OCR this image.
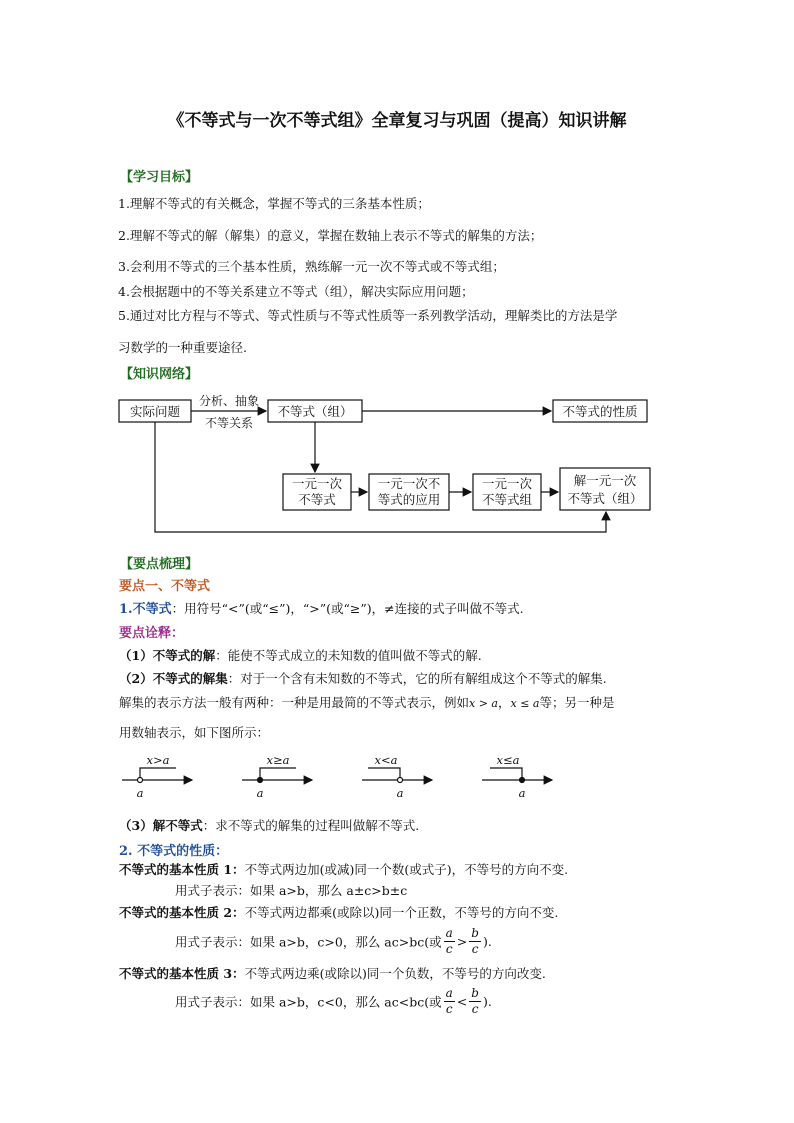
《不等式与一次不等式组》全章复习与巩固（提高）知识讲解
【学习目标】
1.理解不等式的有关概念，掌握不等式的三条基本性质；
2.理解不等式的解（解集）的意义，掌握在数轴上表示不等式的解集的方法；
3.会利用不等式的三个基本性质，熟练解一元一次不等式或不等式组；
4.会根据题中的不等关系建立不等式（组），解决实际应用问题；
5.通过对比方程与不等式、等式性质与不等式性质等一系列教学活动，理解类比的方法是学
习数学的一种重要途径.
【知识网络】
实际问题
分析、抽象
不等关系
不等式（组）	不等式的性质
一元一次
不等式
一元一次不
等式的应用
一元一次
不等式组
解一元一次
不等式（组）
【要点梳理】
要点一、不等式
1.不等式：用符号“<”(或“≤”)，“>”(或“≥”)，≠连接的式子叫做不等式.
要点诠释：
（1）不等式的解：能使不等式成立的未知数的值叫做不等式的解.
（2）不等式的解集：对于一个含有未知数的不等式，它的所有解组成这个不等式的解集.
解集的表示方法一般有两种：一种是用最简的不等式表示，例如x > a，x ≤ a等；另一种是
用数轴表示，如下图所示：
x>a
a
x≥a
a
x<a
a
x≤a
a
（3）解不等式：求不等式的解集的过程叫做解不等式.
2. 不等式的性质：
不等式的基本性质 1：不等式两边加(或减)同一个数(或式子)，不等号的方向不变.
用式子表示：如果 a>b，那么 a±c>b±c
不等式的基本性质 2：不等式两边都乘(或除以)同一个正数，不等号的方向不变.
用式子表示：如果 a>b，c>0，那么 ac>bc(或 $\frac{a}{c} > \frac{b}{c}$ ).
不等式的基本性质 3：不等式两边乘(或除以)同一个负数，不等号的方向改变.
用式子表示：如果 a>b，c<0，那么 ac<bc(或 $\frac{a}{c} < \frac{b}{c}$ ).
